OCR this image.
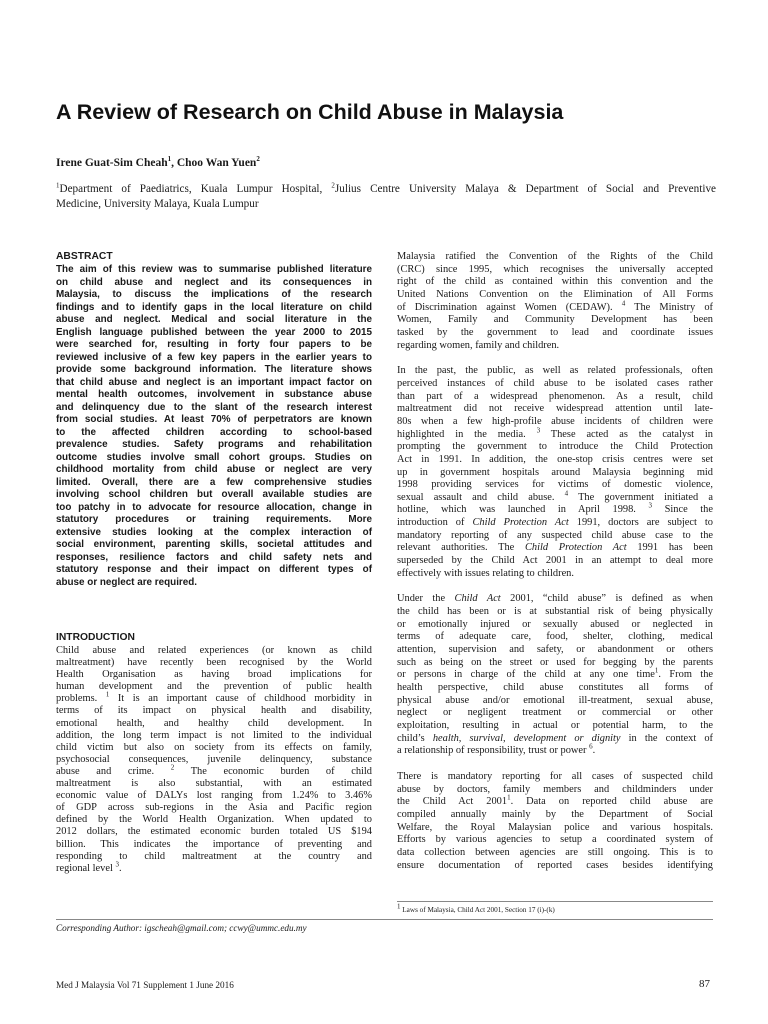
A Review of Research on Child Abuse in Malaysia
Irene Guat-Sim Cheah$^1$, Choo Wan Yuen$^2$
$^1$Department of Paediatrics, Kuala Lumpur Hospital, $^2$Julius Centre University Malaya & Department of Social and Preventive
Medicine, University Malaya, Kuala Lumpur
ABSTRACT
The aim of this review was to summarise published literature
on child abuse and neglect and its consequences in
Malaysia, to discuss the implications of the research
findings and to identify gaps in the local literature on child
abuse and neglect. Medical and social literature in the
English language published between the year 2000 to 2015
were searched for, resulting in forty four papers to be
reviewed inclusive of a few key papers in the earlier years to
provide some background information. The literature shows
that child abuse and neglect is an important impact factor on
mental health outcomes, involvement in substance abuse
and delinquency due to the slant of the research interest
from social studies. At least 70% of perpetrators are known
to the affected children according to school-based
prevalence studies. Safety programs and rehabilitation
outcome studies involve small cohort groups. Studies on
childhood mortality from child abuse or neglect are very
limited. Overall, there are a few comprehensive studies
involving school children but overall available studies are
too patchy in to advocate for resource allocation, change in
statutory procedures or training requirements. More
extensive studies looking at the complex interaction of
social environment, parenting skills, societal attitudes and
responses, resilience factors and child safety nets and
statutory response and their impact on different types of
abuse or neglect are required.
INTRODUCTION
Child abuse and related experiences (or known as child
maltreatment) have recently been recognised by the World
Health Organisation as having broad implications for
human development and the prevention of public health
problems. $^1$ It is an important cause of childhood morbidity in
terms of its impact on physical health and disability,
emotional health, and healthy child development. In
addition, the long term impact is not limited to the individual
child victim but also on society from its effects on family,
psychosocial consequences, juvenile delinquency, substance
abuse and crime. $^2$ The economic burden of child
maltreatment is also substantial, with an estimated
economic value of DALYs lost ranging from 1.24% to 3.46%
of GDP across sub-regions in the Asia and Pacific region
defined by the World Health Organization. When updated to
2012 dollars, the estimated economic burden totaled US $194
billion. This indicates the importance of preventing and
responding to child maltreatment at the country and
regional level $^3$.

Malaysia ratified the Convention of the Rights of the Child
(CRC) since 1995, which recognises the universally accepted
right of the child as contained within this convention and the
United Nations Convention on the Elimination of All Forms
of Discrimination against Women (CEDAW). $^4$ The Ministry of
Women, Family and Community Development has been
tasked by the government to lead and coordinate issues
regarding women, family and children.

In the past, the public, as well as related professionals, often
perceived instances of child abuse to be isolated cases rather
than part of a widespread phenomenon. As a result, child
maltreatment did not receive widespread attention until late-
80s when a few high-profile abuse incidents of children were
highlighted in the media. $^3$ These acted as the catalyst in
prompting the government to introduce the Child Protection
Act in 1991. In addition, the one-stop crisis centres were set
up in government hospitals around Malaysia beginning mid
1998 providing services for victims of domestic violence,
sexual assault and child abuse. $^4$ The government initiated a
hotline, which was launched in April 1998. $^3$ Since the
introduction of Child Protection Act 1991, doctors are subject to
mandatory reporting of any suspected child abuse case to the
relevant authorities. The Child Protection Act 1991 has been
superseded by the Child Act 2001 in an attempt to deal more
effectively with issues relating to children.

Under the Child Act 2001, “child abuse” is defined as when
the child has been or is at substantial risk of being physically
or emotionally injured or sexually abused or neglected in
terms of adequate care, food, shelter, clothing, medical
attention, supervision and safety, or abandonment or others
such as being on the street or used for begging by the parents
or persons in charge of the child at any one time$^1$. From the
health perspective, child abuse constitutes all forms of
physical abuse and/or emotional ill-treatment, sexual abuse,
neglect or negligent treatment or commercial or other
exploitation, resulting in actual or potential harm, to the
child’s health, survival, development or dignity in the context of
a relationship of responsibility, trust or power $^6$.

There is mandatory reporting for all cases of suspected child
abuse by doctors, family members and childminders under
the Child Act 2001$^1$. Data on reported child abuse are
compiled annually mainly by the Department of Social
Welfare, the Royal Malaysian police and various hospitals.
Efforts by various agencies to setup a coordinated system of
data collection between agencies are still ongoing. This is to
ensure documentation of reported cases besides identifying

$^1$ Laws of Malaysia, Child Act 2001, Section 17 (i)-(k)
Corresponding Author: igscheah@gmail.com; ccwy@ummc.edu.my
Med J Malaysia Vol 71 Supplement 1 June 2016	87
